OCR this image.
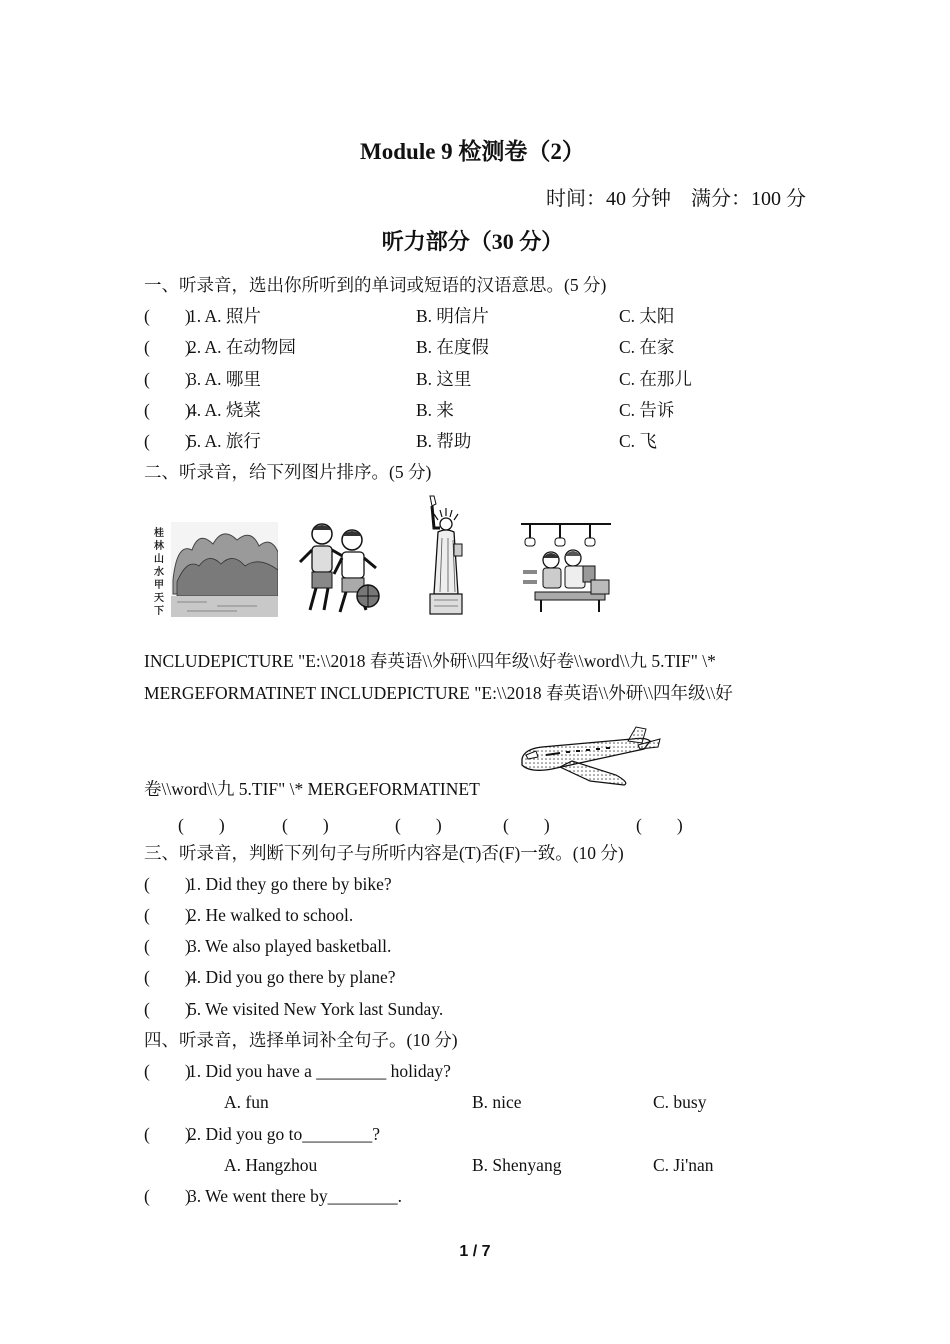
Module 9 检测卷（2）
时间：40 分钟 满分：100 分
听力部分（30 分）
一、听录音，选出你所听到的单词或短语的汉语意思。(5 分)
(　　)1. A. 照片	B. 明信片	C. 太阳
(　　)2. A. 在动物园	B. 在度假	C. 在家
(　　)3. A. 哪里	B. 这里	C. 在那儿
(　　)4. A. 烧菜	B. 来	C. 告诉
(　　)5. A. 旅行	B. 帮助	C. 飞
二、听录音，给下列图片排序。(5 分)
桂林山水甲天下
INCLUDEPICTURE "E:\\2018 春英语\\外研\\四年级\\好卷\\word\\九 5.TIF" \*
MERGEFORMATINET INCLUDEPICTURE "E:\\2018 春英语\\外研\\四年级\\好
卷\\word\\九 5.TIF" \* MERGEFORMATINET
(　　)	(　　)	(　　)	(　　)	(　　)
三、听录音，判断下列句子与所听内容是(T)否(F)一致。(10 分)
(　　)1. Did they go there by bike?
(　　)2. He walked to school.
(　　)3. We also played basketball.
(　　)4. Did you go there by plane?
(　　)5. We visited New York last Sunday.
四、听录音，选择单词补全句子。(10 分)
(　　)1. Did you have a ________ holiday?
A. fun	B. nice	C. busy
(　　)2. Did you go to________?
A. Hangzhou	B. Shenyang	C. Ji'nan
(　　)3. We went there by________.
1 / 7
